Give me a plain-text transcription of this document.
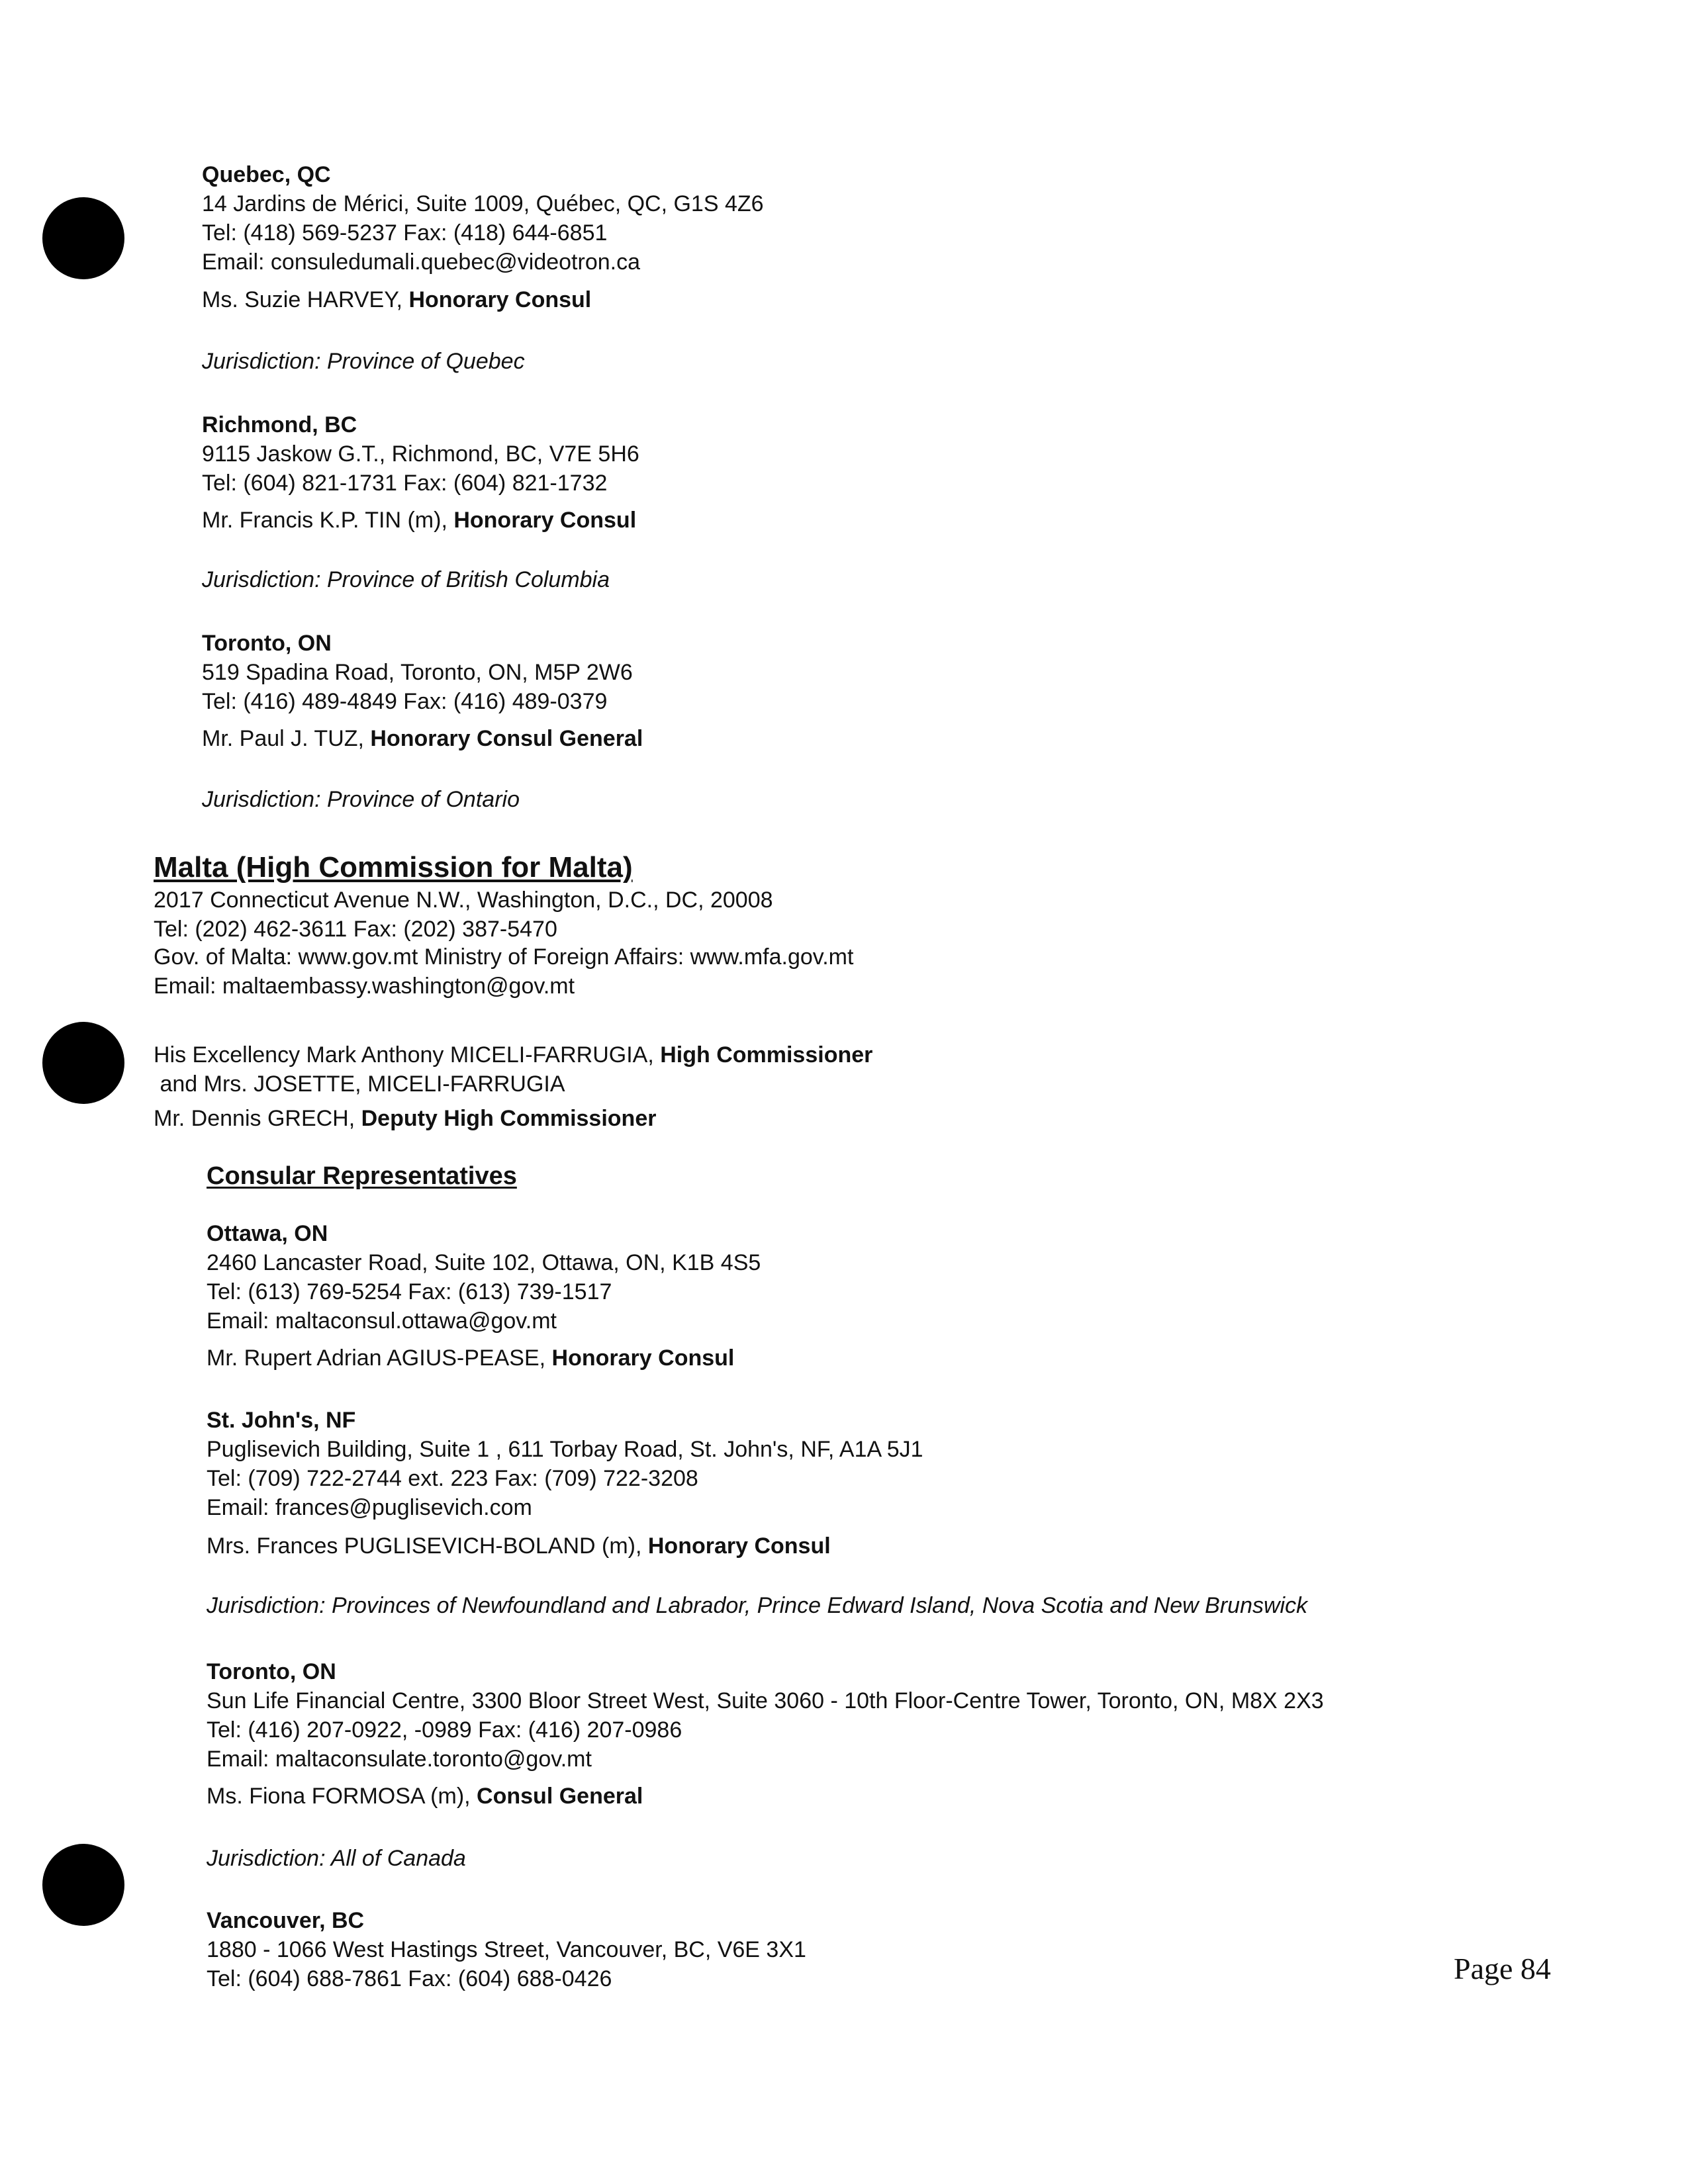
Quebec, QC
14 Jardins de Mérici, Suite 1009, Québec, QC, G1S 4Z6
Tel: (418) 569-5237 Fax: (418) 644-6851
Email: consuledumali.quebec@videotron.ca
Ms. Suzie HARVEY, Honorary Consul
Jurisdiction: Province of Quebec
Richmond, BC
9115 Jaskow G.T., Richmond, BC, V7E 5H6
Tel: (604) 821-1731 Fax: (604) 821-1732
Mr. Francis K.P. TIN (m), Honorary Consul
Jurisdiction: Province of British Columbia
Toronto, ON
519 Spadina Road, Toronto, ON, M5P 2W6
Tel: (416) 489-4849 Fax: (416) 489-0379
Mr. Paul J. TUZ, Honorary Consul General
Jurisdiction: Province of Ontario
Malta (High Commission for Malta)
2017 Connecticut Avenue N.W., Washington, D.C., DC, 20008
Tel: (202) 462-3611 Fax: (202) 387-5470
Gov. of Malta: www.gov.mt Ministry of Foreign Affairs: www.mfa.gov.mt
Email: maltaembassy.washington@gov.mt
His Excellency Mark Anthony MICELI-FARRUGIA, High Commissioner
and Mrs. JOSETTE, MICELI-FARRUGIA
Mr. Dennis GRECH, Deputy High Commissioner
Consular Representatives
Ottawa, ON
2460 Lancaster Road, Suite 102, Ottawa, ON, K1B 4S5
Tel: (613) 769-5254 Fax: (613) 739-1517
Email: maltaconsul.ottawa@gov.mt
Mr. Rupert Adrian AGIUS-PEASE, Honorary Consul
St. John's, NF
Puglisevich Building, Suite 1 , 611 Torbay Road, St. John's, NF, A1A 5J1
Tel: (709) 722-2744 ext. 223 Fax: (709) 722-3208
Email: frances@puglisevich.com
Mrs. Frances PUGLISEVICH-BOLAND (m), Honorary Consul
Jurisdiction: Provinces of Newfoundland and Labrador, Prince Edward Island, Nova Scotia and New Brunswick
Toronto, ON
Sun Life Financial Centre, 3300 Bloor Street West, Suite 3060 - 10th Floor-Centre Tower, Toronto, ON, M8X 2X3
Tel: (416) 207-0922, -0989 Fax: (416) 207-0986
Email: maltaconsulate.toronto@gov.mt
Ms. Fiona FORMOSA (m), Consul General
Jurisdiction: All of Canada
Vancouver, BC
1880 - 1066 West Hastings Street, Vancouver, BC, V6E 3X1
Tel: (604) 688-7861 Fax: (604) 688-0426	Page 84
